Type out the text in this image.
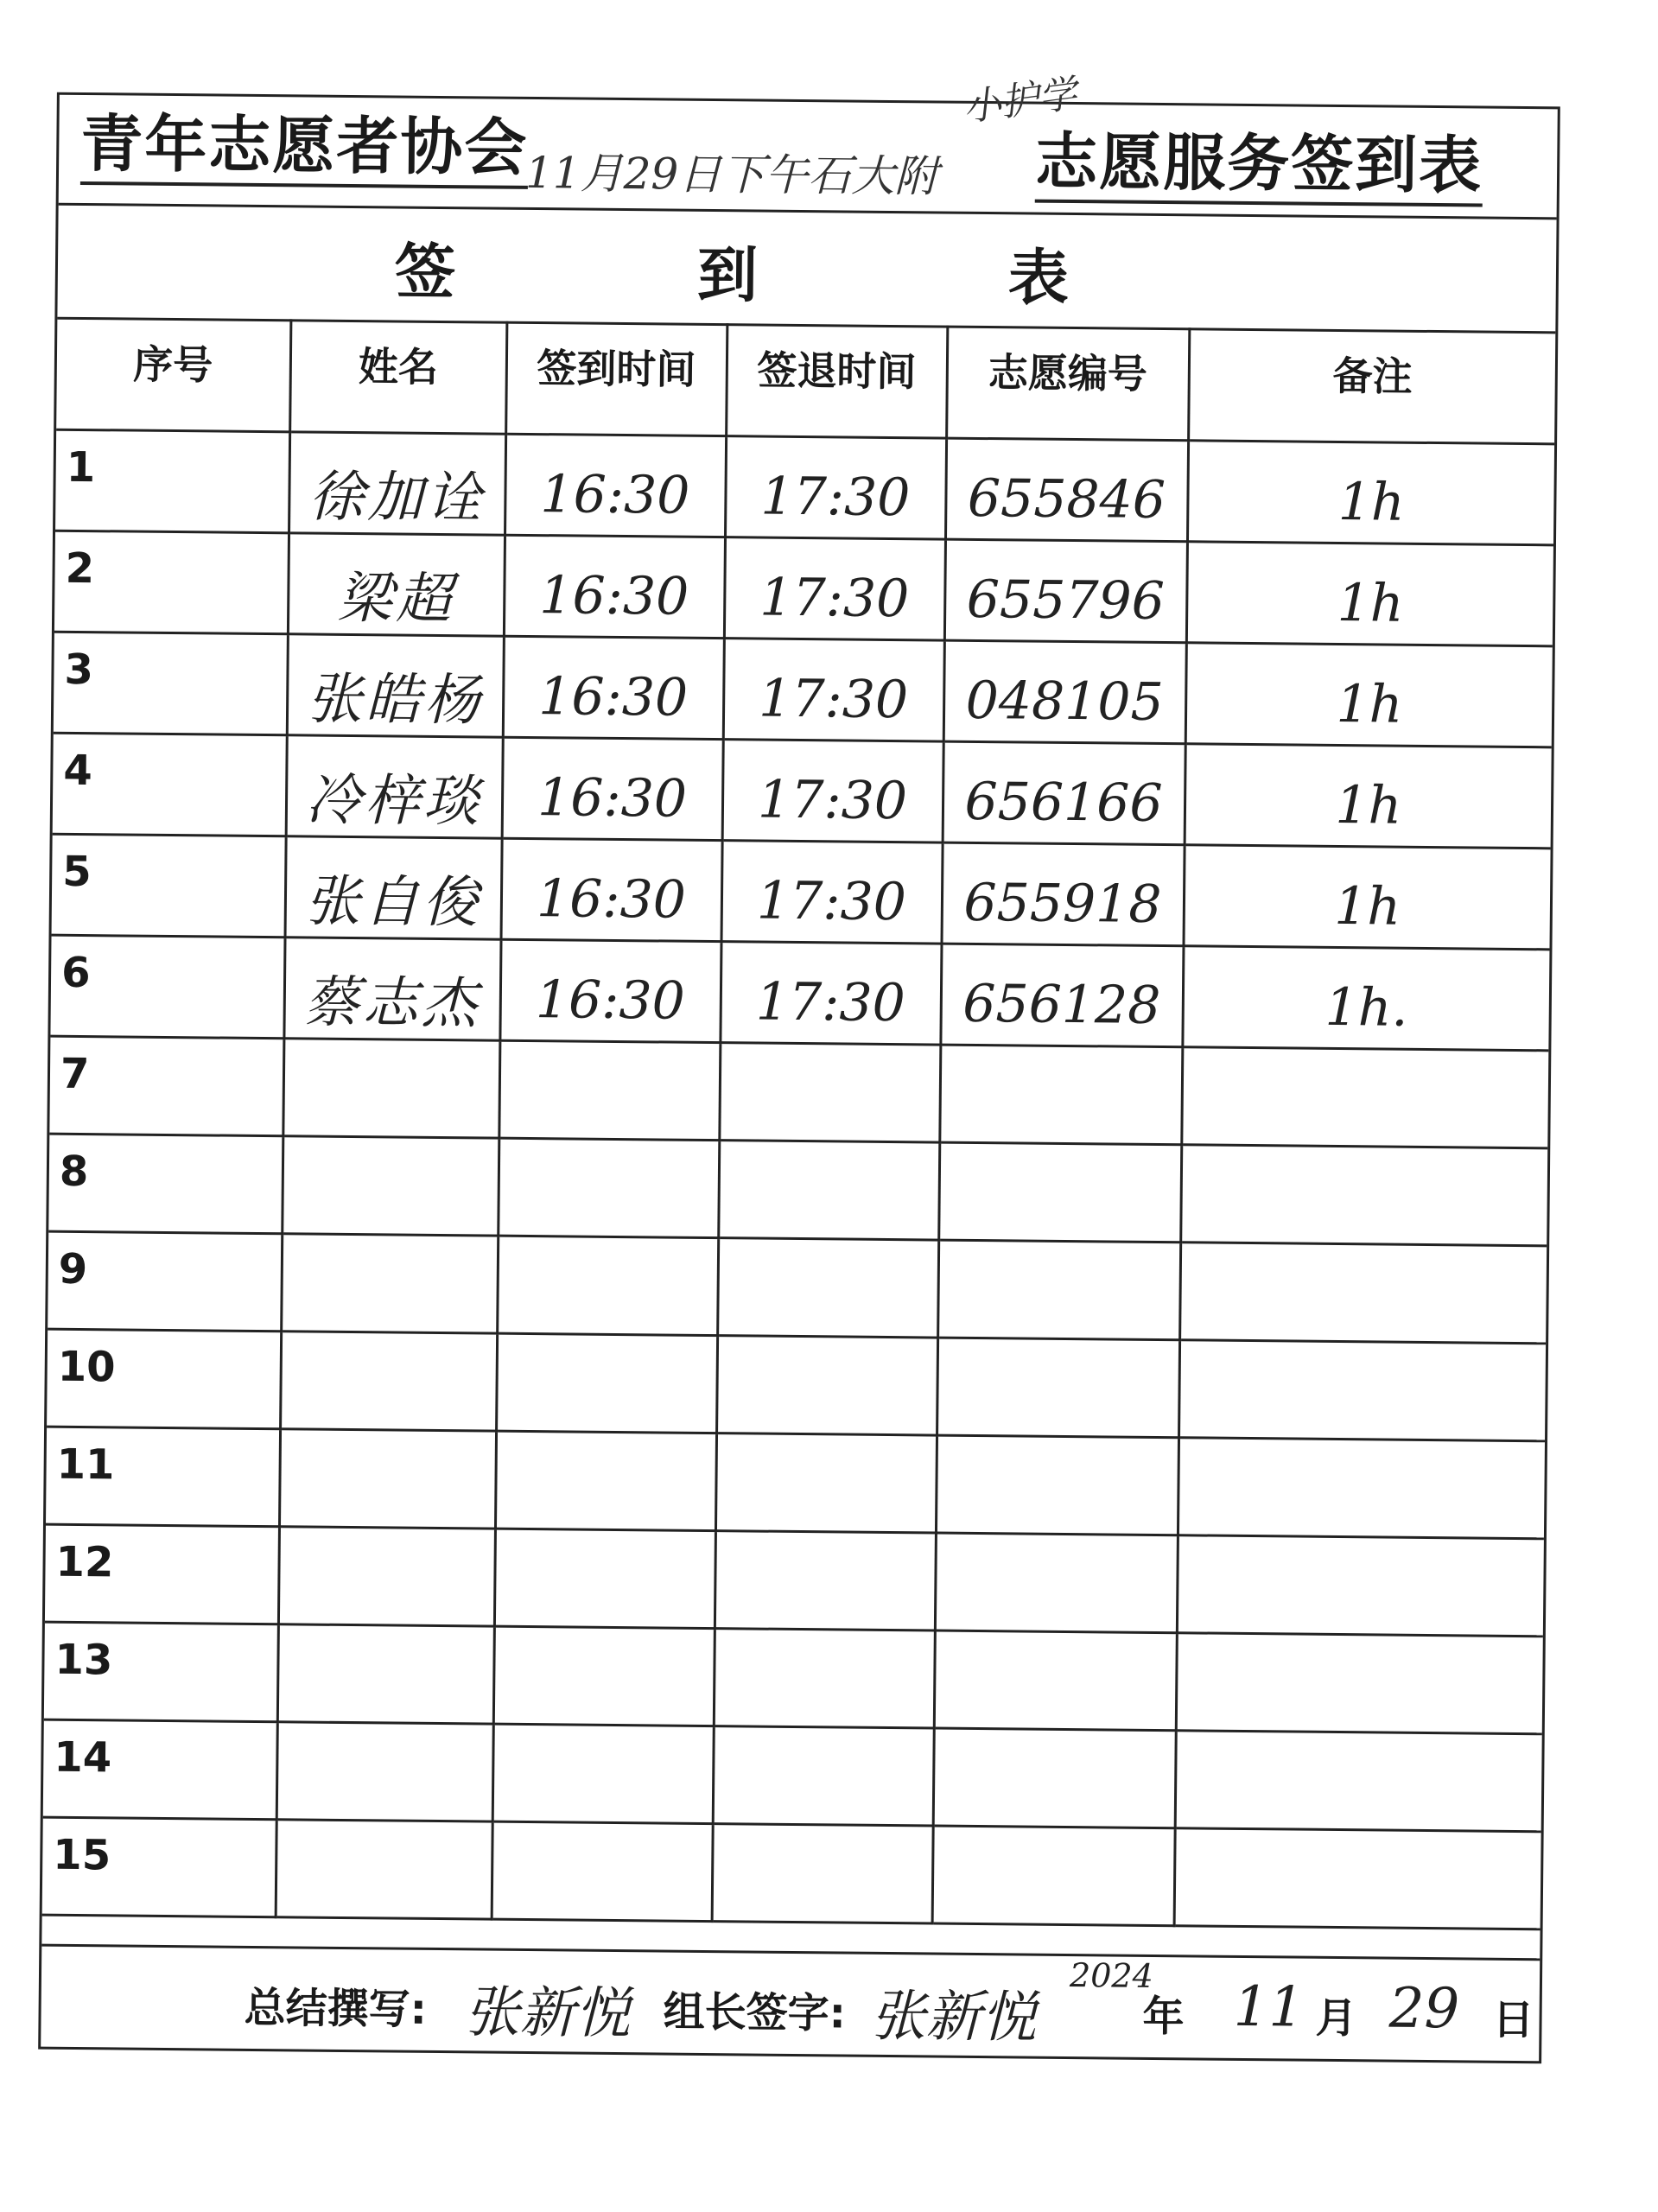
青年志愿者协会
11月29日下午石大附
小护学
志愿服务签到表
签	到	表
序号	姓名	签到时间	签退时间	志愿编号	备注

1	徐加诠	16:30	17:30	655846	1h

2	梁超	16:30	17:30	655796	1h

3	张皓杨	16:30	17:30	048105	1h

4	冷梓琰	16:30	17:30	656166	1h

5	张自俊	16:30	17:30	655918	1h

6	蔡志杰	16:30	17:30	656128	1h.

7					

8					

9					

10					

11					

12					

13					

14					

15					

总结撰写: 张新悦 组长签字: 张新悦
2024
年 11 月 29 日
